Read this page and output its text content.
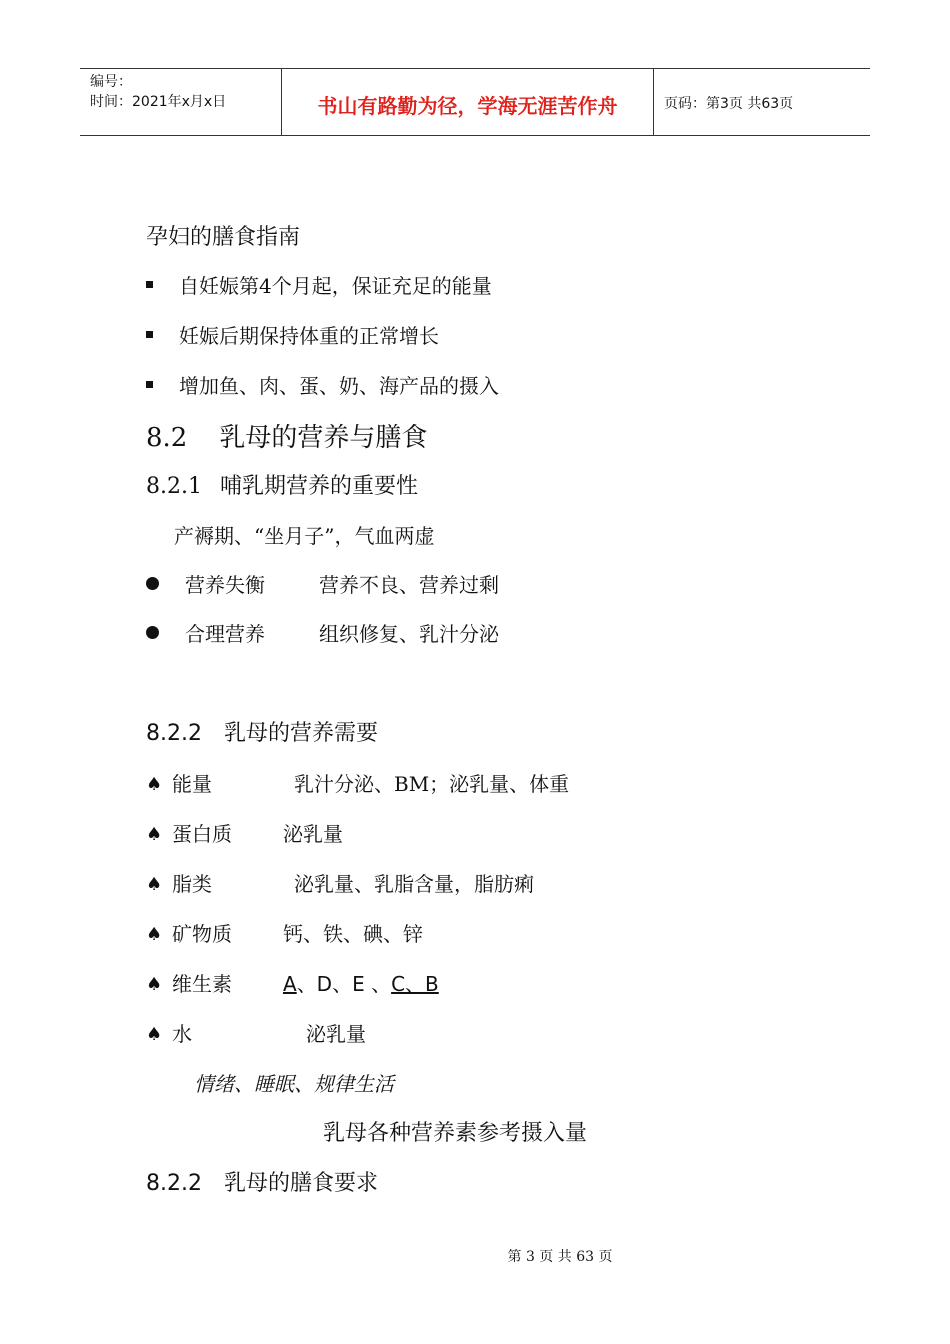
编号：
时间：2021年x月x日	书山有路勤为径，学海无涯苦作舟	页码：第3页 共63页
孕妇的膳食指南
自妊娠第4个月起，保证充足的能量
妊娠后期保持体重的正常增长
增加鱼、肉、蛋、奶、海产品的摄入
8.2 乳母的营养与膳食
8.2.1 哺乳期营养的重要性
产褥期、“坐月子”，气血两虚
营养失衡	营养不良、营养过剩
合理营养	组织修复、乳汁分泌
8.2.2 乳母的营养需要
♠ 能量	乳汁分泌、BM；泌乳量、体重
♠ 蛋白质	泌乳量
♠ 脂类	泌乳量、乳脂含量，脂肪痢
♠ 矿物质	钙、铁、碘、锌
♠ 维生素	A、D、E 、C、B
♠ 水	泌乳量
情绪、睡眠、规律生活
乳母各种营养素参考摄入量
8.2.2 乳母的膳食要求
第 3 页 共 63 页
